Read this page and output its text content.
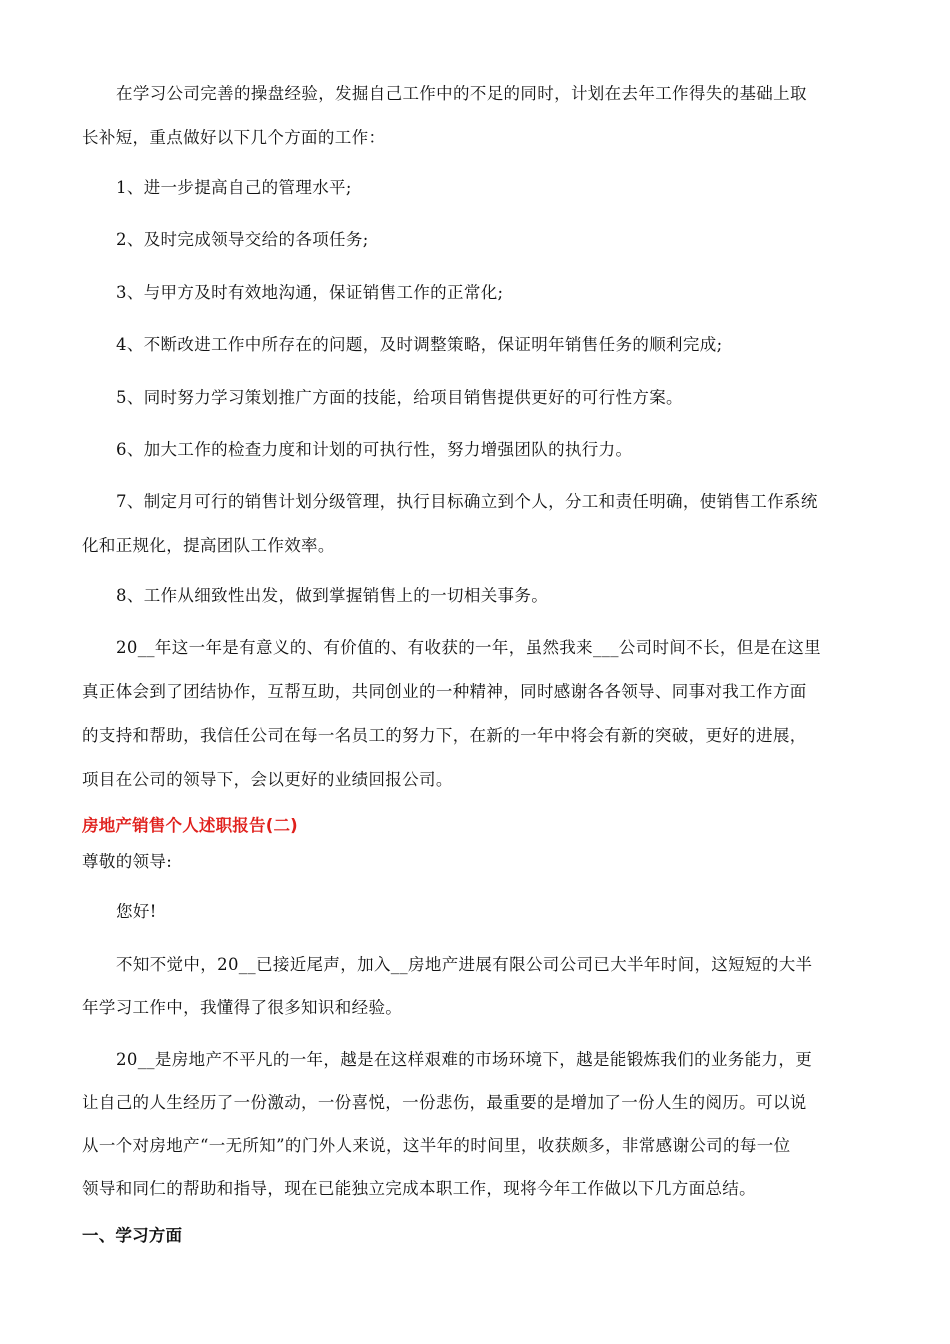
在学习公司完善的操盘经验，发掘自己工作中的不足的同时，计划在去年工作得失的基础上取
长补短，重点做好以下几个方面的工作：
1、进一步提高自己的管理水平;
2、及时完成领导交给的各项任务;
3、与甲方及时有效地沟通，保证销售工作的正常化;
4、不断改进工作中所存在的问题，及时调整策略，保证明年销售任务的顺利完成;
5、同时努力学习策划推广方面的技能，给项目销售提供更好的可行性方案。
6、加大工作的检查力度和计划的可执行性，努力增强团队的执行力。
7、制定月可行的销售计划分级管理，执行目标确立到个人，分工和责任明确，使销售工作系统
化和正规化，提高团队工作效率。
8、工作从细致性出发，做到掌握销售上的一切相关事务。
20__年这一年是有意义的、有价值的、有收获的一年，虽然我来___公司时间不长，但是在这里
真正体会到了团结协作，互帮互助，共同创业的一种精神，同时感谢各各领导、同事对我工作方面
的支持和帮助，我信任公司在每一名员工的努力下，在新的一年中将会有新的突破，更好的进展，
项目在公司的领导下，会以更好的业绩回报公司。
房地产销售个人述职报告(二)
尊敬的领导:
您好!
不知不觉中，20__已接近尾声，加入__房地产进展有限公司公司已大半年时间，这短短的大半
年学习工作中，我懂得了很多知识和经验。
20__是房地产不平凡的一年，越是在这样艰难的市场环境下，越是能锻炼我们的业务能力，更
让自己的人生经历了一份激动，一份喜悦，一份悲伤，最重要的是增加了一份人生的阅历。可以说
从一个对房地产“一无所知”的门外人来说，这半年的时间里，收获颇多，非常感谢公司的每一位
领导和同仁的帮助和指导，现在已能独立完成本职工作，现将今年工作做以下几方面总结。
一、学习方面
